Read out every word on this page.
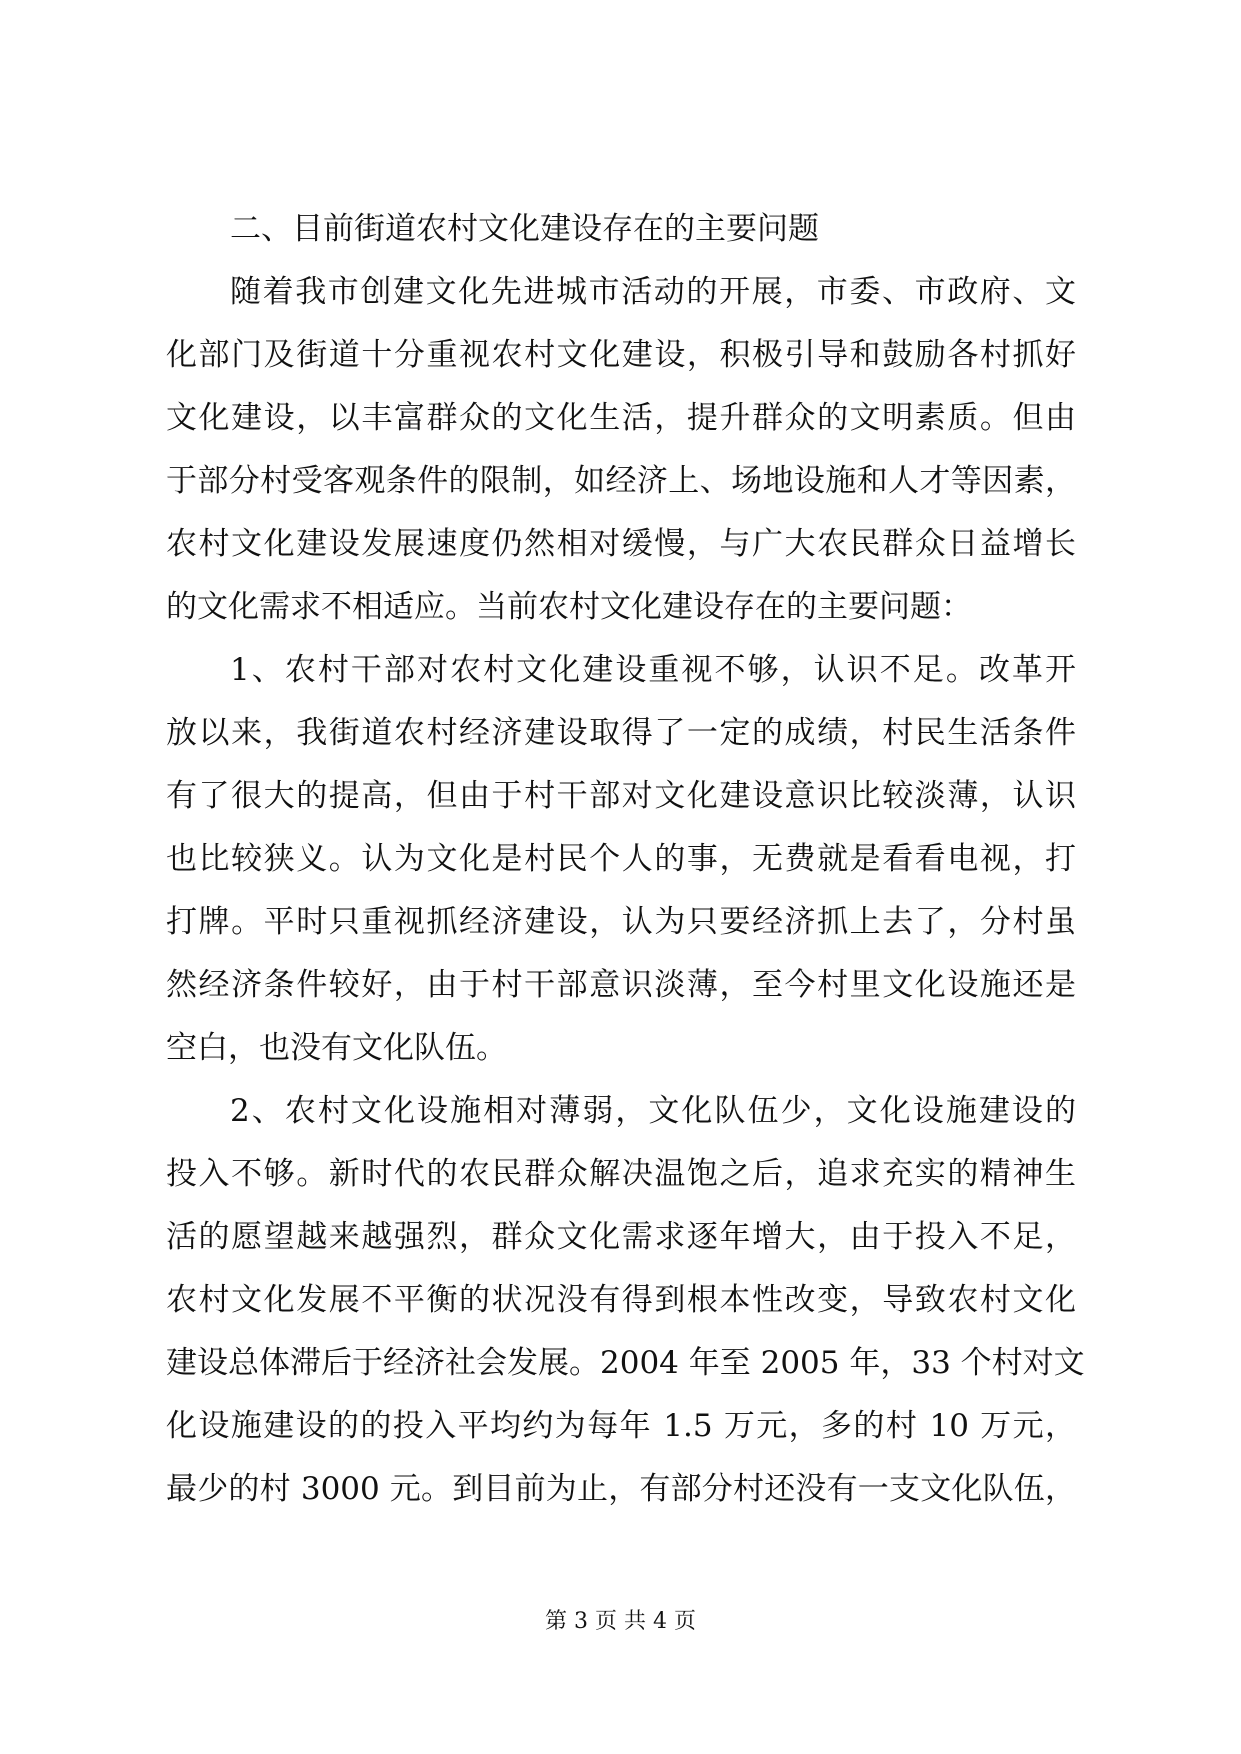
二、目前街道农村文化建设存在的主要问题

随着我市创建文化先进城市活动的开展，市委、市政府、文
化部门及街道十分重视农村文化建设，积极引导和鼓励各村抓好
文化建设，以丰富群众的文化生活，提升群众的文明素质。但由
于部分村受客观条件的限制，如经济上、场地设施和人才等因素，
农村文化建设发展速度仍然相对缓慢，与广大农民群众日益增长
的文化需求不相适应。当前农村文化建设存在的主要问题：

1、农村干部对农村文化建设重视不够，认识不足。改革开
放以来，我街道农村经济建设取得了一定的成绩，村民生活条件
有了很大的提高，但由于村干部对文化建设意识比较淡薄，认识
也比较狭义。认为文化是村民个人的事，无费就是看看电视，打
打牌。平时只重视抓经济建设，认为只要经济抓上去了，分村虽
然经济条件较好，由于村干部意识淡薄，至今村里文化设施还是
空白，也没有文化队伍。

2、农村文化设施相对薄弱，文化队伍少，文化设施建设的
投入不够。新时代的农民群众解决温饱之后，追求充实的精神生
活的愿望越来越强烈，群众文化需求逐年增大，由于投入不足，
农村文化发展不平衡的状况没有得到根本性改变，导致农村文化
建设总体滞后于经济社会发展。2004 年至 2005 年，33 个村对文
化设施建设的的投入平均约为每年 1.5 万元，多的村 10 万元，
最少的村 3000 元。到目前为止，有部分村还没有一支文化队伍，

第 3 页 共 4 页
